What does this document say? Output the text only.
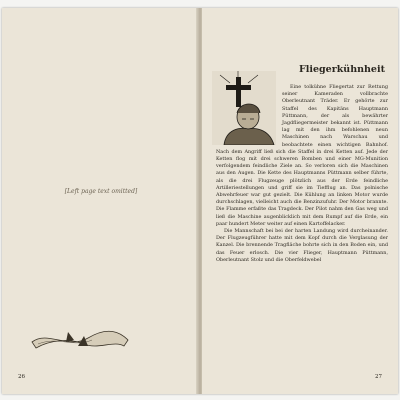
[Left page text omitted]
26
Fliegerkühnheit

Eine tolkühne Fliegertat zur Rettung seiner Kameraden vollbrachte Oberleutnant Träder. Er gehörte zur Staffel des Kapitäns Hauptmann Püttmann, der als bewährter Jagdfliegermeister bekannt ist. Püttmann lag mit den ihm befohlenen neun Maschinen nach Warschau und beobachtete einen wichtigen Bahnhof. Nach dem Angriff ließ sich die Staffel in drei Ketten auf. Jede der Ketten flog mit drei schweren Bomben und einer MG-Munition verfolgendem feindliche Ziele an. So verloren sich die Maschinen aus den Augen. Die Kette des Hauptmanns Püttmann selber führte, als die drei Flugzeuge plötzlich aus der Erde feindliche Artilleriestellungen und griff sie im Tiefflug an. Das polnische Abwehrfeuer war gut gezielt. Die Kühlung an linken Motor wurde durchschlagen, vielleicht auch die Benzinzufuhr. Der Motor brannte. Die Flamme erfaßte das Tragdeck. Der Pilot nahm den Gas weg und ließ die Maschine augenblicklich mit dem Rumpf auf die Erde, ein paar hundert Meter weiter auf einen Kartoffelacker.

Die Mannschaft bei bei der harten Landung wird durcheinander. Der Flugzeugführer hatte mit dem Kopf durch die Verglasung der Kanzel. Die brennende Tragfläche bohrte sich in den Boden ein, und das Feuer erlosch. Die vier Flieger, Hauptmann Püttmann, Oberleutnant Stolz und die Oberfeldwebel

27
